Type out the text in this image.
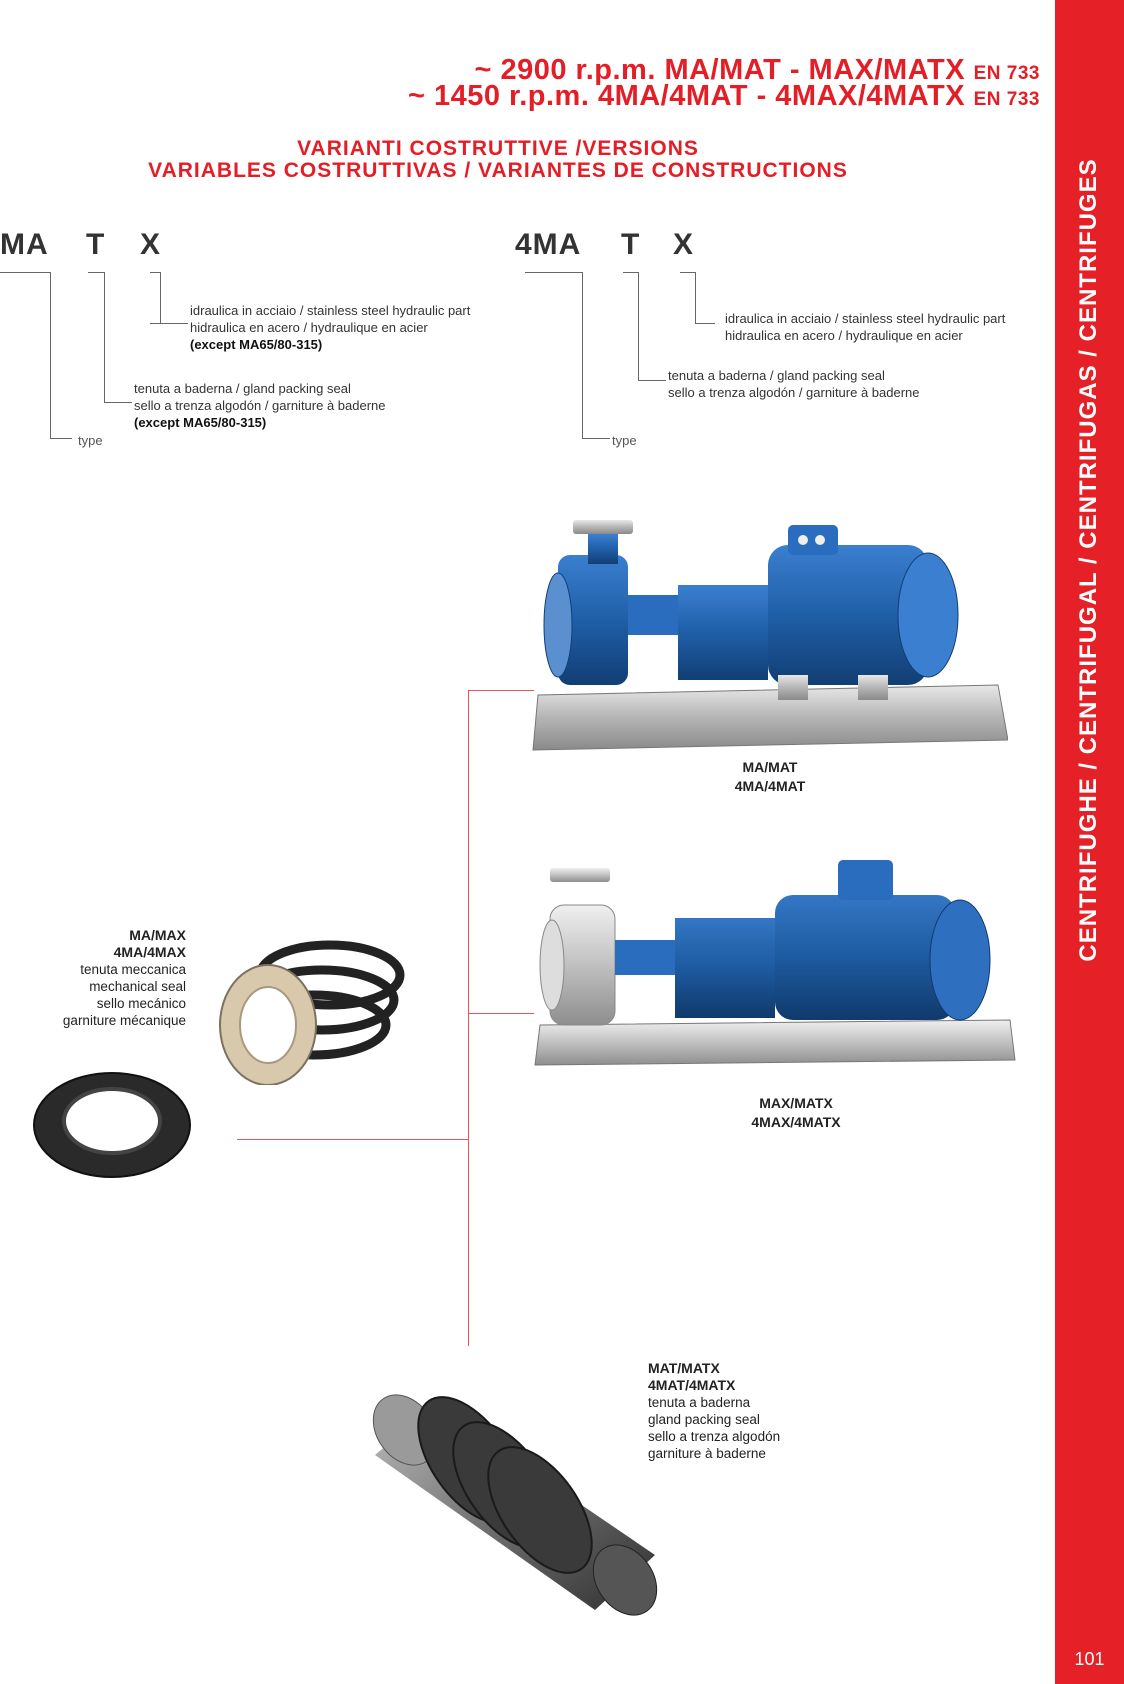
~ 2900 r.p.m. MA/MAT - MAX/MATX EN 733
~ 1450 r.p.m. 4MA/4MAT - 4MAX/4MATX EN 733
VARIANTI COSTRUTTIVE /VERSIONS
VARIABLES COSTRUTTIVAS / VARIANTES DE CONSTRUCTIONS
MA T X
idraulica in acciaio / stainless steel hydraulic part
hidraulica en acero / hydraulique en acier
(except MA65/80-315)
tenuta a baderna / gland packing seal
sello a trenza algodón / garniture à baderne
(except MA65/80-315)
type
4MA T X
idraulica in acciaio / stainless steel hydraulic part
hidraulica en acero / hydraulique en acier
tenuta a baderna / gland packing seal
sello a trenza algodón / garniture à baderne
type
MA/MAT
4MA/4MAT
MAX/MATX
4MAX/4MATX
MA/MAX
4MA/4MAX
tenuta meccanica
mechanical seal
sello mecánico
garniture mécanique
MAT/MATX
4MAT/4MATX
tenuta a baderna
gland packing seal
sello a trenza algodón
garniture à baderne
CENTRIFUGHE / CENTRIFUGAL / CENTRIFUGAS / CENTRIFUGES
101
